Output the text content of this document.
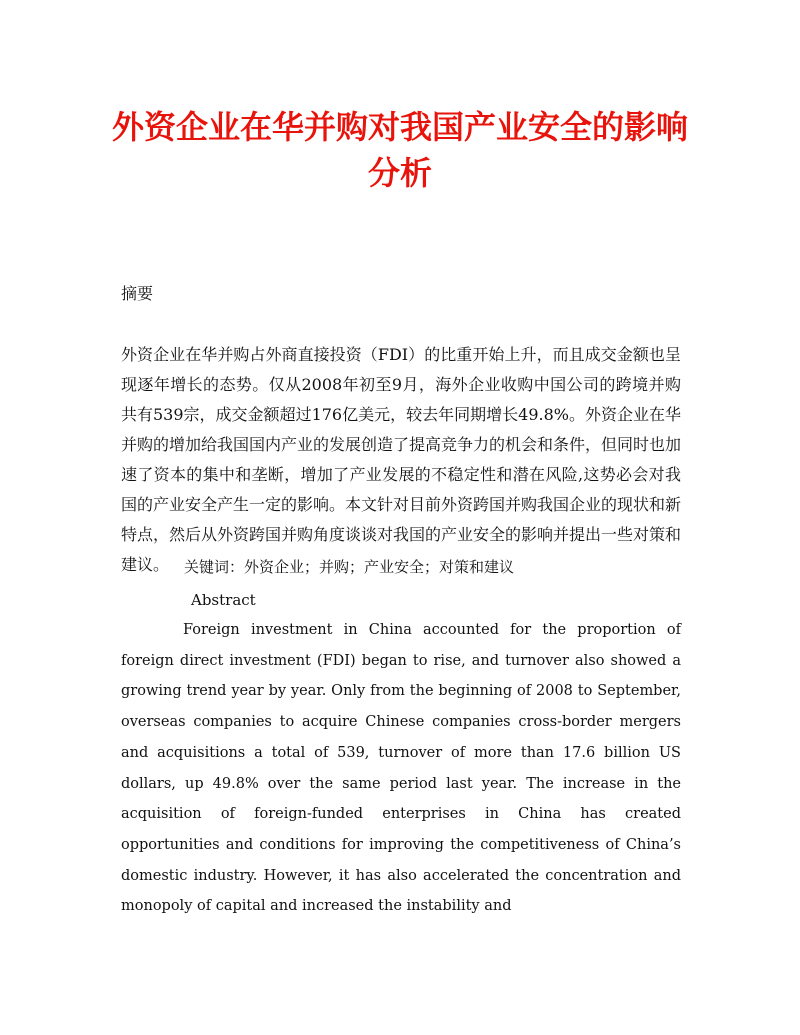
外资企业在华并购对我国产业安全的影响分析

摘要

外资企业在华并购占外商直接投资（FDI）的比重开始上升，而且成交金额也呈现逐年增长的态势。仅从2008年初至9月，海外企业收购中国公司的跨境并购共有539宗，成交金额超过176亿美元，较去年同期增长49.8%。外资企业在华并购的增加给我国国内产业的发展创造了提高竞争力的机会和条件，但同时也加速了资本的集中和垄断，增加了产业发展的不稳定性和潜在风险,这势必会对我国的产业安全产生一定的影响。本文针对目前外资跨国并购我国企业的现状和新特点，然后从外资跨国并购角度谈谈对我国的产业安全的影响并提出一些对策和建议。 关键词：外资企业；并购；产业安全；对策和建议

Abstract

Foreign investment in China accounted for the proportion of foreign direct investment (FDI) began to rise, and turnover also showed a growing trend year by year. Only from the beginning of 2008 to September, overseas companies to acquire Chinese companies cross-border mergers and acquisitions a total of 539, turnover of more than 17.6 billion US dollars, up 49.8% over the same period last year. The increase in the acquisition of foreign-funded enterprises in China has created opportunities and conditions for improving the competitiveness of China’s domestic industry. However, it has also accelerated the concentration and monopoly of capital and increased the instability and
